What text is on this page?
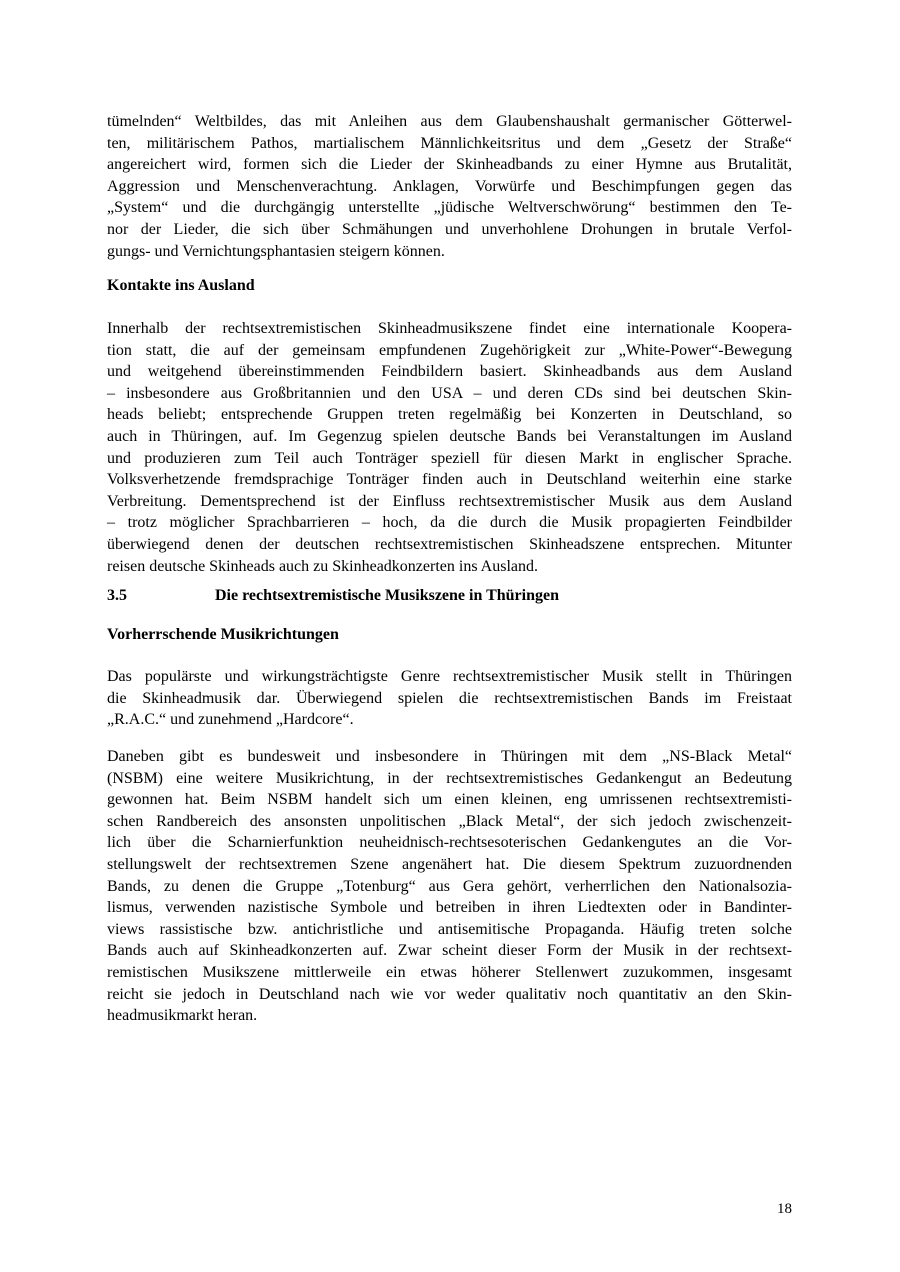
tümelnden“ Weltbildes, das mit Anleihen aus dem Glaubenshaushalt germanischer Götterwel-
ten, militärischem Pathos, martialischem Männlichkeitsritus und dem „Gesetz der Straße“
angereichert wird, formen sich die Lieder der Skinheadbands zu einer Hymne aus Brutalität,
Aggression und Menschenverachtung. Anklagen, Vorwürfe und Beschimpfungen gegen das
„System“ und die durchgängig unterstellte „jüdische Weltverschwörung“ bestimmen den Te-
nor der Lieder, die sich über Schmähungen und unverhohlene Drohungen in brutale Verfol-
gungs- und Vernichtungsphantasien steigern können.

Kontakte ins Ausland

Innerhalb der rechtsextremistischen Skinheadmusikszene findet eine internationale Koopera-
tion statt, die auf der gemeinsam empfundenen Zugehörigkeit zur „White-Power“-Bewegung
und weitgehend übereinstimmenden Feindbildern basiert. Skinheadbands aus dem Ausland
– insbesondere aus Großbritannien und den USA – und deren CDs sind bei deutschen Skin-
heads beliebt; entsprechende Gruppen treten regelmäßig bei Konzerten in Deutschland, so
auch in Thüringen, auf. Im Gegenzug spielen deutsche Bands bei Veranstaltungen im Ausland
und produzieren zum Teil auch Tonträger speziell für diesen Markt in englischer Sprache.
Volksverhetzende fremdsprachige Tonträger finden auch in Deutschland weiterhin eine starke
Verbreitung. Dementsprechend ist der Einfluss rechtsextremistischer Musik aus dem Ausland
– trotz möglicher Sprachbarrieren – hoch, da die durch die Musik propagierten Feindbilder
überwiegend denen der deutschen rechtsextremistischen Skinheadszene entsprechen. Mitunter
reisen deutsche Skinheads auch zu Skinheadkonzerten ins Ausland.

3.5	Die rechtsextremistische Musikszene in Thüringen
Vorherrschende Musikrichtungen

Das populärste und wirkungsträchtigste Genre rechtsextremistischer Musik stellt in Thüringen
die Skinheadmusik dar. Überwiegend spielen die rechtsextremistischen Bands im Freistaat
„R.A.C.“ und zunehmend „Hardcore“.

Daneben gibt es bundesweit und insbesondere in Thüringen mit dem „NS-Black Metal“
(NSBM) eine weitere Musikrichtung, in der rechtsextremistisches Gedankengut an Bedeutung
gewonnen hat. Beim NSBM handelt sich um einen kleinen, eng umrissenen rechtsextremisti-
schen Randbereich des ansonsten unpolitischen „Black Metal“, der sich jedoch zwischenzeit-
lich über die Scharnierfunktion neuheidnisch-rechtsesoterischen Gedankengutes an die Vor-
stellungswelt der rechtsextremen Szene angenähert hat. Die diesem Spektrum zuzuordnenden
Bands, zu denen die Gruppe „Totenburg“ aus Gera gehört, verherrlichen den Nationalsozia-
lismus, verwenden nazistische Symbole und betreiben in ihren Liedtexten oder in Bandinter-
views rassistische bzw. antichristliche und antisemitische Propaganda. Häufig treten solche
Bands auch auf Skinheadkonzerten auf. Zwar scheint dieser Form der Musik in der rechtsext-
remistischen Musikszene mittlerweile ein etwas höherer Stellenwert zuzukommen, insgesamt
reicht sie jedoch in Deutschland nach wie vor weder qualitativ noch quantitativ an den Skin-
headmusikmarkt heran.

18
